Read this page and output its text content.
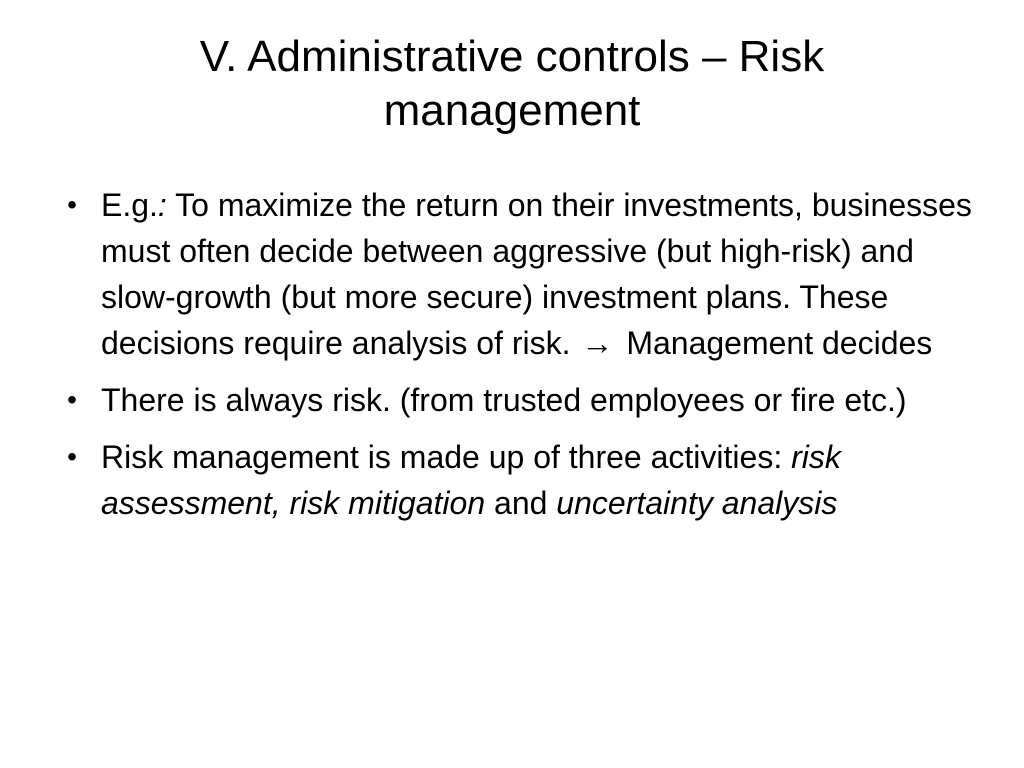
V. Administrative controls – Risk
management
• E.g.: To maximize the return on their investments, businesses must often decide between aggressive (but high-risk) and slow-growth (but more secure) investment plans. These decisions require analysis of risk. → Management decides
• There is always risk. (from trusted employees or fire etc.)
• Risk management is made up of three activities: risk assessment, risk mitigation and uncertainty analysis
